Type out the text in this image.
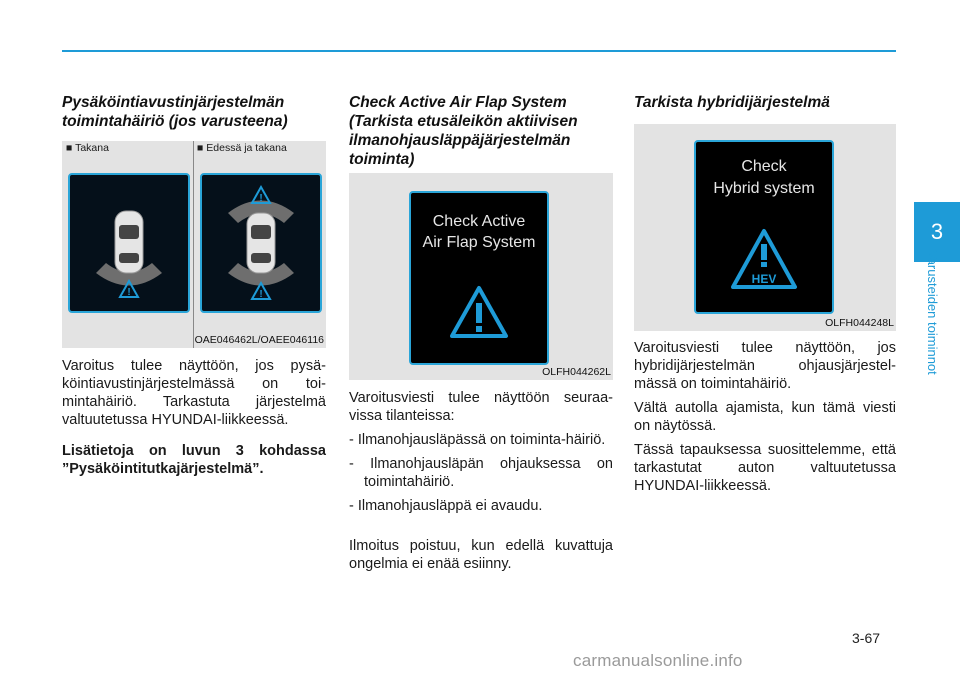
Pysäköintiavustinjärjestelmän toimintahäiriö (jos varusteena)

■ Takana	■ Edessä ja takana
!
!
!
OAE046462L/OAEE046116

Varoitus tulee näyttöön, jos pysä-köintiavustinjärjestelmässä on toi-mintahäiriö. Tarkastuta järjestelmä valtuutetussa HYUNDAI-liikkeessä.

Lisätietoja on luvun 3 kohdassa ”Pysäköintitutkajärjestelmä”.

Check Active Air Flap System (Tarkista etusäleikön aktiivisen ilmanohjausläppäjärjestelmän toiminta)

Check Active
Air Flap System
OLFH044262L

Varoitusviesti tulee näyttöön seuraa-vissa tilanteissa:

- Ilmanohjausläpässä on toiminta-häiriö.
- Ilmanohjausläpän ohjauksessa on toimintahäiriö.
- Ilmanohjausläppä ei avaudu.

Ilmoitus poistuu, kun edellä kuvattuja ongelmia ei enää esiinny.

Tarkista hybridijärjestelmä

Check
Hybrid system
HEV
OLFH044248L

Varoitusviesti tulee näyttöön, jos hybridijärjestelmän ohjausjärjestel-mässä on toimintahäiriö.

Vältä autolla ajamista, kun tämä viesti on näytössä.

Tässä tapauksessa suosittelemme, että tarkastutat auton valtuutetussa HYUNDAI-liikkeessä.

3
Varusteiden toiminnot
3-67
carmanualsonline.info
